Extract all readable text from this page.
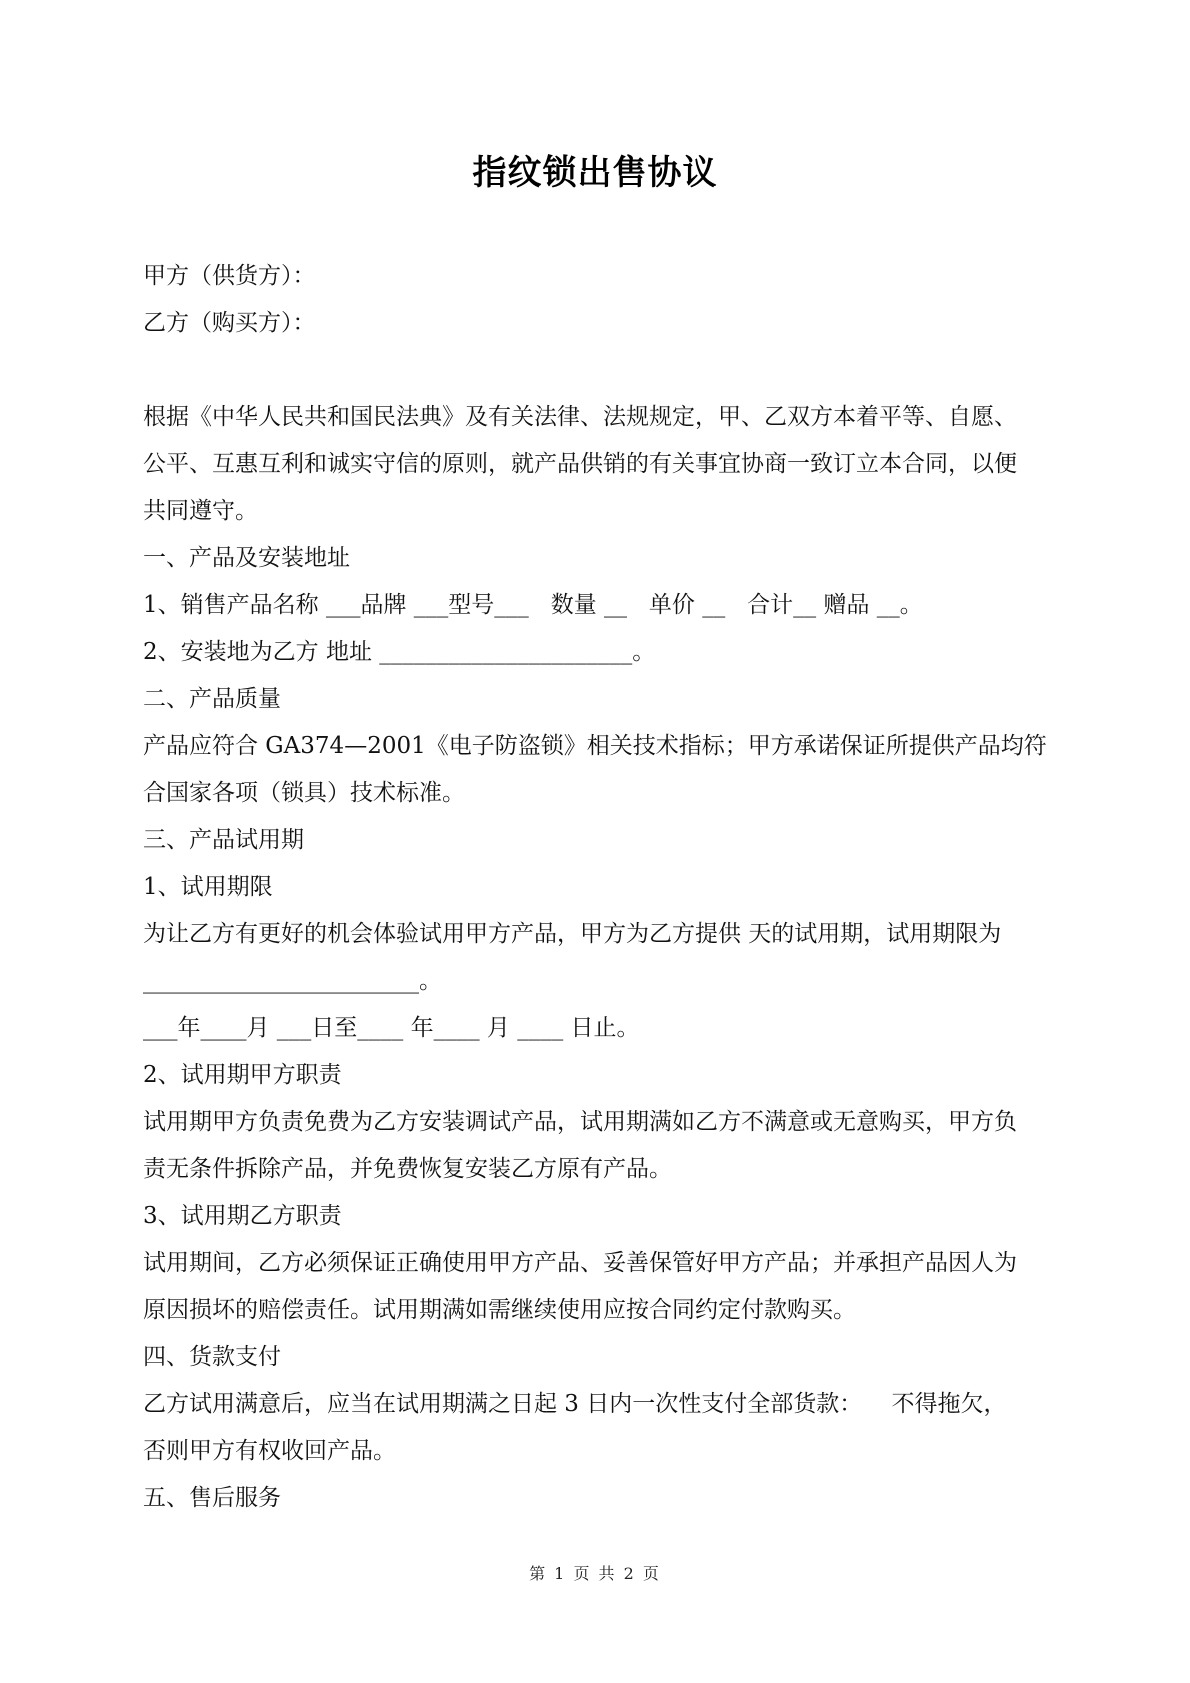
指纹锁出售协议
甲方（供货方）：
乙方（购买方）：
根据《中华人民共和国民法典》及有关法律、法规规定，甲、乙双方本着平等、自愿、
公平、互惠互利和诚实守信的原则，就产品供销的有关事宜协商一致订立本合同，以便
共同遵守。
一、产品及安装地址
1、销售产品名称 ___品牌 ___型号___   数量 __   单价 __   合计__ 赠品 __。
2、安装地为乙方 地址 ______________________。
二、产品质量
产品应符合 GA374—2001《电子防盗锁》相关技术指标；甲方承诺保证所提供产品均符
合国家各项（锁具）技术标准。
三、产品试用期
1、试用期限
为让乙方有更好的机会体验试用甲方产品，甲方为乙方提供 天的试用期，试用期限为
________________________。
___年____月 ___日至____ 年____ 月 ____ 日止。
2、试用期甲方职责
试用期甲方负责免费为乙方安装调试产品，试用期满如乙方不满意或无意购买，甲方负
责无条件拆除产品，并免费恢复安装乙方原有产品。
3、试用期乙方职责
试用期间，乙方必须保证正确使用甲方产品、妥善保管好甲方产品；并承担产品因人为
原因损坏的赔偿责任。试用期满如需继续使用应按合同约定付款购买。
四、货款支付
乙方试用满意后，应当在试用期满之日起 3 日内一次性支付全部货款：    不得拖欠，
否则甲方有权收回产品。
五、售后服务
第 1 页 共 2 页
